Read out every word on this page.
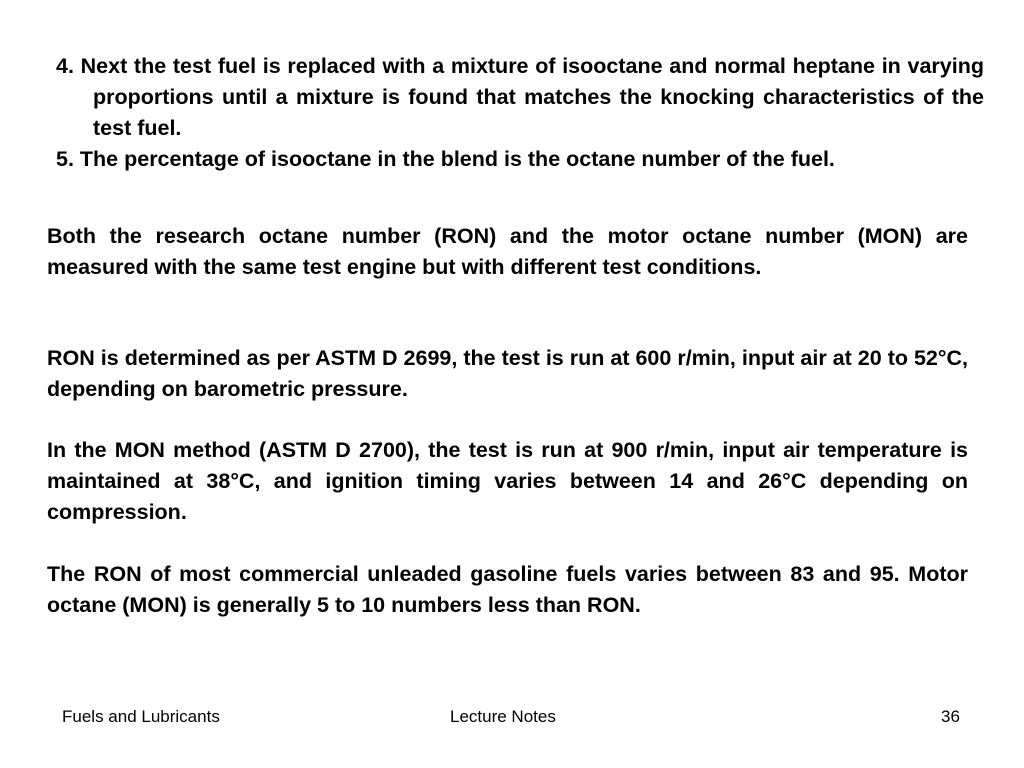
4. Next the test fuel is replaced with a mixture of isooctane and normal heptane in varying proportions until a mixture is found that matches the knocking characteristics of the test fuel.

5. The percentage of isooctane in the blend is the octane number of the fuel.

Both the research octane number (RON) and the motor octane number (MON) are measured with the same test engine but with different test conditions.

RON is determined as per ASTM D 2699, the test is run at 600 r/min, input air at 20 to 52°C, depending on barometric pressure.

In the MON method (ASTM D 2700), the test is run at 900 r/min, input air temperature is maintained at 38°C, and ignition timing varies between 14 and 26°C depending on compression.

The RON of most commercial unleaded gasoline fuels varies between 83 and 95. Motor octane (MON) is generally 5 to 10 numbers less than RON.

Fuels and Lubricants	Lecture Notes	36
